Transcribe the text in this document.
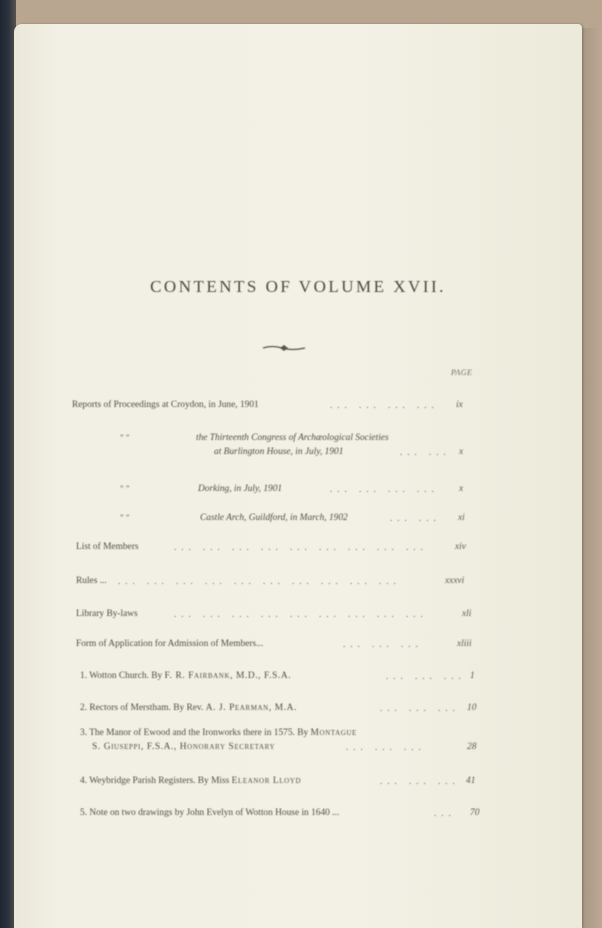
CONTENTS OF VOLUME XVII.
PAGE
Reports of Proceedings at Croydon, in June, 1901	... ... ... ... ix
" "	the Thirteenth Congress of Archæological Societies
at Burlington House, in July, 1901	... ... x
" "	Dorking, in July, 1901	... ... ... ... x
" "	Castle Arch, Guildford, in March, 1902	... ... xi
List of Members	... ... ... ... ... ... ... ... ...	xiv
Rules ... ... ... ... ... ... ... ... ... ... ...	xxxvi
Library By-laws	... ... ... ... ... ... ... ... ...	xli
Form of Application for Admission of Members...	... ... ...	xliii
1. Wotton Church. By F. R. Fairbank, M.D., F.S.A.	... ... ... 1
2. Rectors of Merstham. By Rev. A. J. Pearman, M.A.	... ... ... 10
3. The Manor of Ewood and the Ironworks there in 1575. By Montague
S. Giuseppi, F.S.A., Honorary Secretary	... ... ...	28
4. Weybridge Parish Registers. By Miss Eleanor Lloyd	... ... ... 41
5. Note on two drawings by John Evelyn of Wotton House in 1640 ...	... 70
